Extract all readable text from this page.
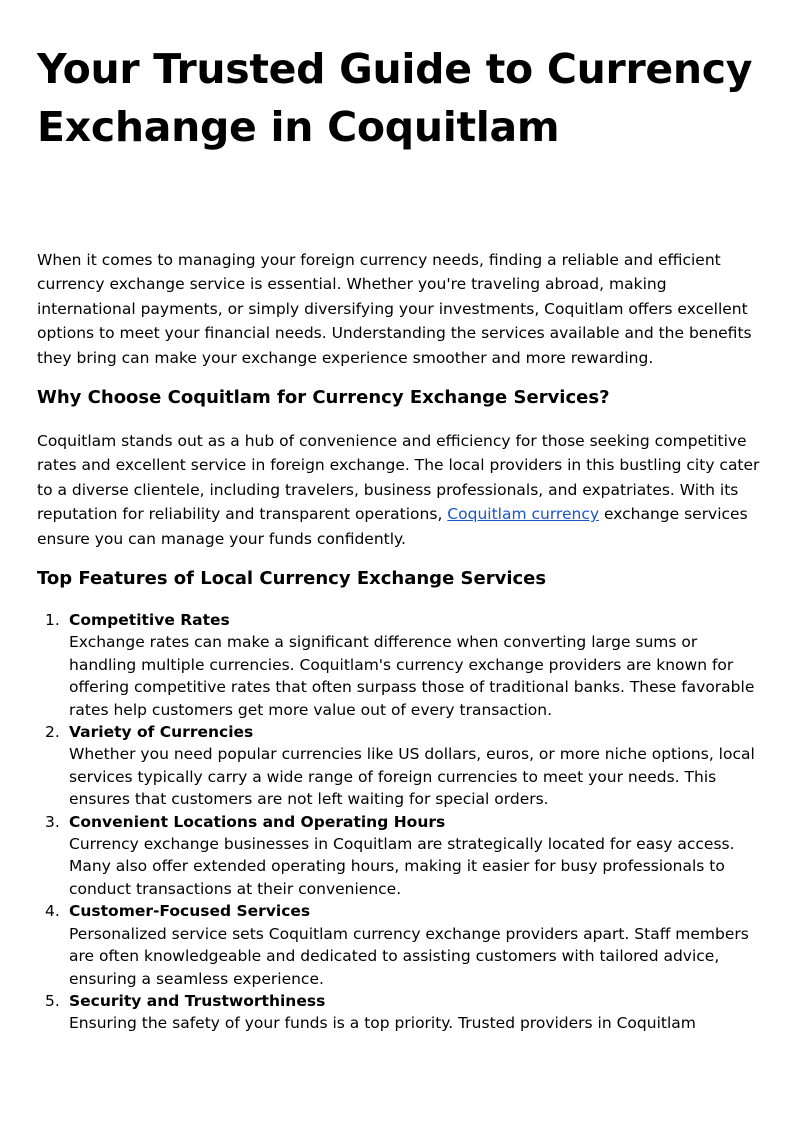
Your Trusted Guide to Currency Exchange in Coquitlam

When it comes to managing your foreign currency needs, finding a reliable and efficient currency exchange service is essential. Whether you're traveling abroad, making international payments, or simply diversifying your investments, Coquitlam offers excellent options to meet your financial needs. Understanding the services available and the benefits they bring can make your exchange experience smoother and more rewarding.

Why Choose Coquitlam for Currency Exchange Services?

Coquitlam stands out as a hub of convenience and efficiency for those seeking competitive rates and excellent service in foreign exchange. The local providers in this bustling city cater to a diverse clientele, including travelers, business professionals, and expatriates. With its reputation for reliability and transparent operations, Coquitlam currency exchange services ensure you can manage your funds confidently.

Top Features of Local Currency Exchange Services
1. Competitive Rates
Exchange rates can make a significant difference when converting large sums or handling multiple currencies. Coquitlam's currency exchange providers are known for offering competitive rates that often surpass those of traditional banks. These favorable rates help customers get more value out of every transaction.
2. Variety of Currencies
Whether you need popular currencies like US dollars, euros, or more niche options, local services typically carry a wide range of foreign currencies to meet your needs. This ensures that customers are not left waiting for special orders.
3. Convenient Locations and Operating Hours
Currency exchange businesses in Coquitlam are strategically located for easy access. Many also offer extended operating hours, making it easier for busy professionals to conduct transactions at their convenience.
4. Customer-Focused Services
Personalized service sets Coquitlam currency exchange providers apart. Staff members are often knowledgeable and dedicated to assisting customers with tailored advice, ensuring a seamless experience.
5. Security and Trustworthiness
Ensuring the safety of your funds is a top priority. Trusted providers in Coquitlam
